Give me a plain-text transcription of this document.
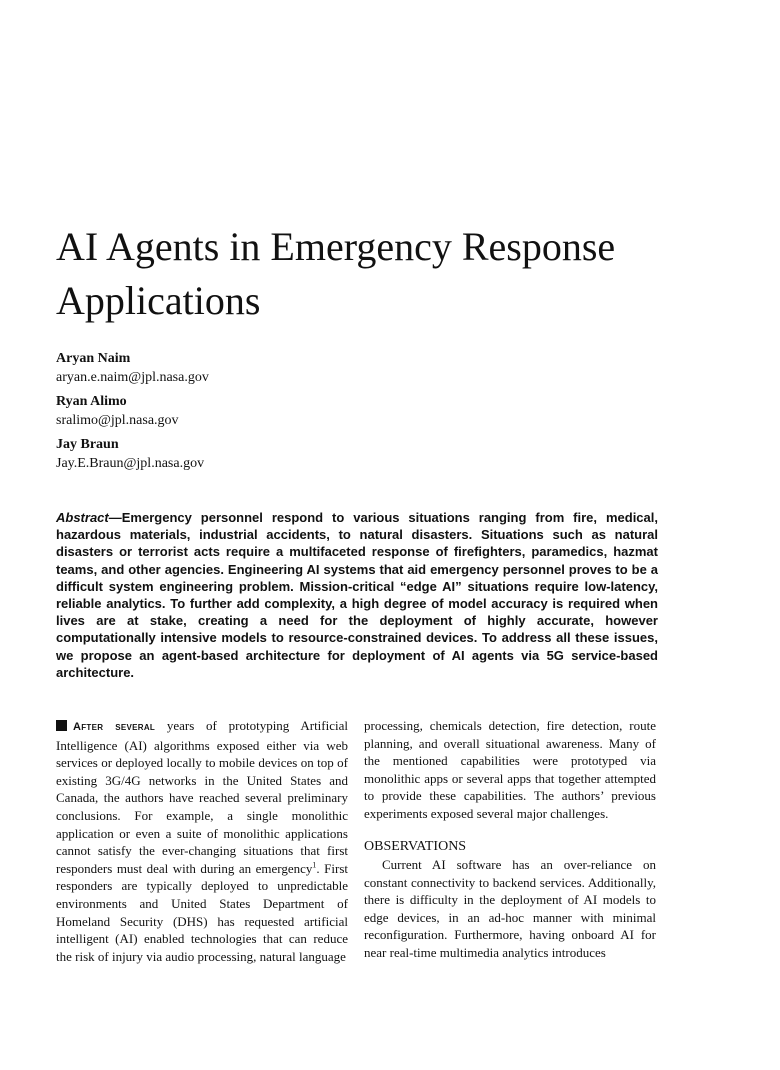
AI Agents in Emergency Response Applications
Aryan Naim
aryan.e.naim@jpl.nasa.gov
Ryan Alimo
sralimo@jpl.nasa.gov
Jay Braun
Jay.E.Braun@jpl.nasa.gov

Abstract—Emergency personnel respond to various situations ranging from fire, medical, hazardous materials, industrial accidents, to natural disasters. Situations such as natural disasters or terrorist acts require a multifaceted response of firefighters, paramedics, hazmat teams, and other agencies. Engineering AI systems that aid emergency personnel proves to be a difficult system engineering problem. Mission-critical “edge AI” situations require low-latency, reliable analytics. To further add complexity, a high degree of model accuracy is required when lives are at stake, creating a need for the deployment of highly accurate, however computationally intensive models to resource-constrained devices. To address all these issues, we propose an agent-based architecture for deployment of AI agents via 5G service-based architecture.

After several years of prototyping Artificial Intelligence (AI) algorithms exposed either via web services or deployed locally to mobile devices on top of existing 3G/4G networks in the United States and Canada, the authors have reached several preliminary conclusions. For example, a single monolithic application or even a suite of monolithic applications cannot satisfy the ever-changing situations that first responders must deal with during an emergency$^1$. First responders are typically deployed to unpredictable environments and United States Department of Homeland Security (DHS) has requested artificial intelligent (AI) enabled technologies that can reduce the risk of injury via audio processing, natural language

processing, chemicals detection, fire detection, route planning, and overall situational awareness. Many of the mentioned capabilities were prototyped via monolithic apps or several apps that together attempted to provide these capabilities. The authors’ previous experiments exposed several major challenges.

OBSERVATIONS

Current AI software has an over-reliance on constant connectivity to backend services. Additionally, there is difficulty in the deployment of AI models to edge devices, in an ad-hoc manner with minimal reconfiguration. Furthermore, having onboard AI for near real-time multimedia analytics introduces
